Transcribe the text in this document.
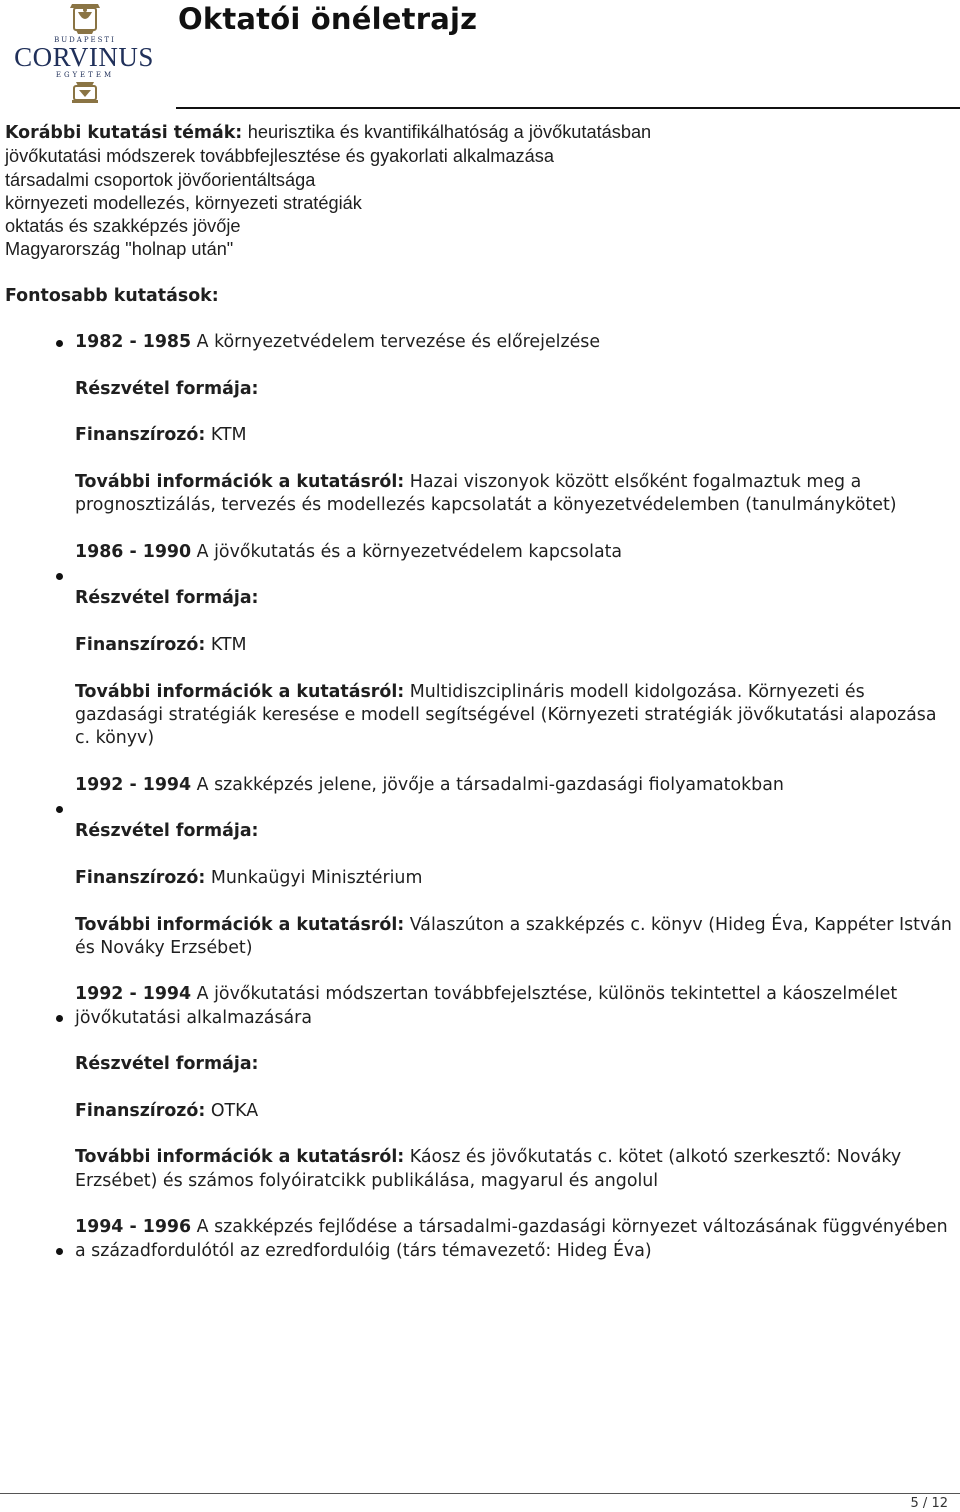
BUDAPESTI
CORVINUS
EGYETEM
Oktatói önéletrajz

Korábbi kutatási témák: heurisztika és kvantifikálhatóság a jövőkutatásban

jövőkutatási módszerek továbbfejlesztése és gyakorlati alkalmazása

társadalmi csoportok jövőorientáltsága

környezeti modellezés, környezeti stratégiák

oktatás és szakképzés jövője

Magyarország "holnap után"

Fontosabb kutatások:

1982 - 1985 A környezetvédelem tervezése és előrejelzése

Részvétel formája:

Finanszírozó: KTM

További információk a kutatásról: Hazai viszonyok között elsőként fogalmaztuk meg a prognosztizálás, tervezés és modellezés kapcsolatát a könyezetvédelemben (tanulmánykötet)

1986 - 1990 A jövőkutatás és a környezetvédelem kapcsolata

Részvétel formája:

Finanszírozó: KTM

További információk a kutatásról: Multidiszciplináris modell kidolgozása. Környezeti és gazdasági stratégiák keresése e modell segítségével (Környezeti stratégiák jövőkutatási alapozása c. könyv)

1992 - 1994 A szakképzés jelene, jövője a társadalmi-gazdasági fiolyamatokban

Részvétel formája:

Finanszírozó: Munkaügyi Minisztérium

További információk a kutatásról: Válaszúton a szakképzés c. könyv (Hideg Éva, Kappéter István és Nováky Erzsébet)

1992 - 1994 A jövőkutatási módszertan továbbfejelsztése, különös tekintettel a káoszelmélet jövőkutatási alkalmazására

Részvétel formája:

Finanszírozó: OTKA

További információk a kutatásról: Káosz és jövőkutatás c. kötet (alkotó szerkesztő: Nováky Erzsébet) és számos folyóiratcikk publikálása, magyarul és angolul

1994 - 1996 A szakképzés fejlődése a társadalmi-gazdasági környezet változásának függvényében a századfordulótól az ezredfordulóig (társ témavezető: Hideg Éva)

5 / 12
